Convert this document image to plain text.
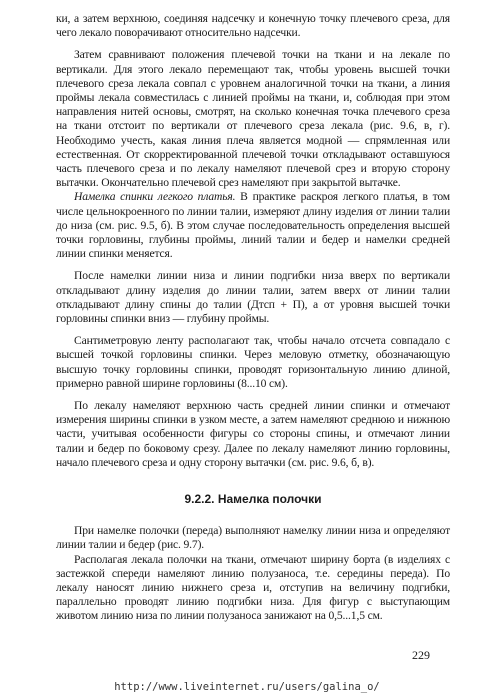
ки, а затем верхнюю, соединяя надсечку и конечную точку плечевого среза, для чего лекало поворачивают относительно надсечки.

Затем сравнивают положения плечевой точки на ткани и на лекале по вертикали. Для этого лекало перемещают так, чтобы уровень высшей точки плечевого среза лекала совпал с уровнем аналогичной точки на ткани, а линия проймы лекала совместилась с линией проймы на ткани, и, соблюдая при этом направления нитей основы, смотрят, на сколько конечная точка плечевого среза на ткани отстоит по вертикали от плечевого среза лекала (рис. 9.6, в, г). Необходимо учесть, какая линия плеча является модной — спрямленная или естественная. От скорректированной плечевой точки откладывают оставшуюся часть плечевого среза и по лекалу намеляют плечевой срез и вторую сторону вытачки. Окончательно плечевой срез намеляют при закрытой вытачке.

Намелка спинки легкого платья. В практике раскроя легкого платья, в том числе цельнокроенного по линии талии, измеряют длину изделия от линии талии до низа (см. рис. 9.5, б). В этом случае последовательность определения высшей точки горловины, глубины проймы, линий талии и бедер и намелки средней линии спинки меняется.

После намелки линии низа и линии подгибки низа вверх по вертикали откладывают длину изделия до линии талии, затем вверх от линии талии откладывают длину спины до талии (Дтсп + П), а от уровня высшей точки горловины спинки вниз — глубину проймы.

Сантиметровую ленту располагают так, чтобы начало отсчета совпадало с высшей точкой горловины спинки. Через меловую отметку, обозначающую высшую точку горловины спинки, проводят горизонтальную линию длиной, примерно равной ширине горловины (8...10 см).

По лекалу намеляют верхнюю часть средней линии спинки и отмечают измерения ширины спинки в узком месте, а затем намеляют среднюю и нижнюю части, учитывая особенности фигуры со стороны спины, и отмечают линии талии и бедер по боковому срезу. Далее по лекалу намеляют линию горловины, начало плечевого среза и одну сторону вытачки (см. рис. 9.6, б, в).

9.2.2. Намелка полочки

При намелке полочки (переда) выполняют намелку линии низа и определяют линии талии и бедер (рис. 9.7).

Располагая лекала полочки на ткани, отмечают ширину борта (в изделиях с застежкой спереди намеляют линию полузаноса, т.е. середины переда). По лекалу наносят линию нижнего среза и, отступив на величину подгибки, параллельно проводят линию подгибки низа. Для фигур с выступающим животом линию низа по линии полузаноса занижают на 0,5...1,5 см.

229
http://www.liveinternet.ru/users/galina_o/
